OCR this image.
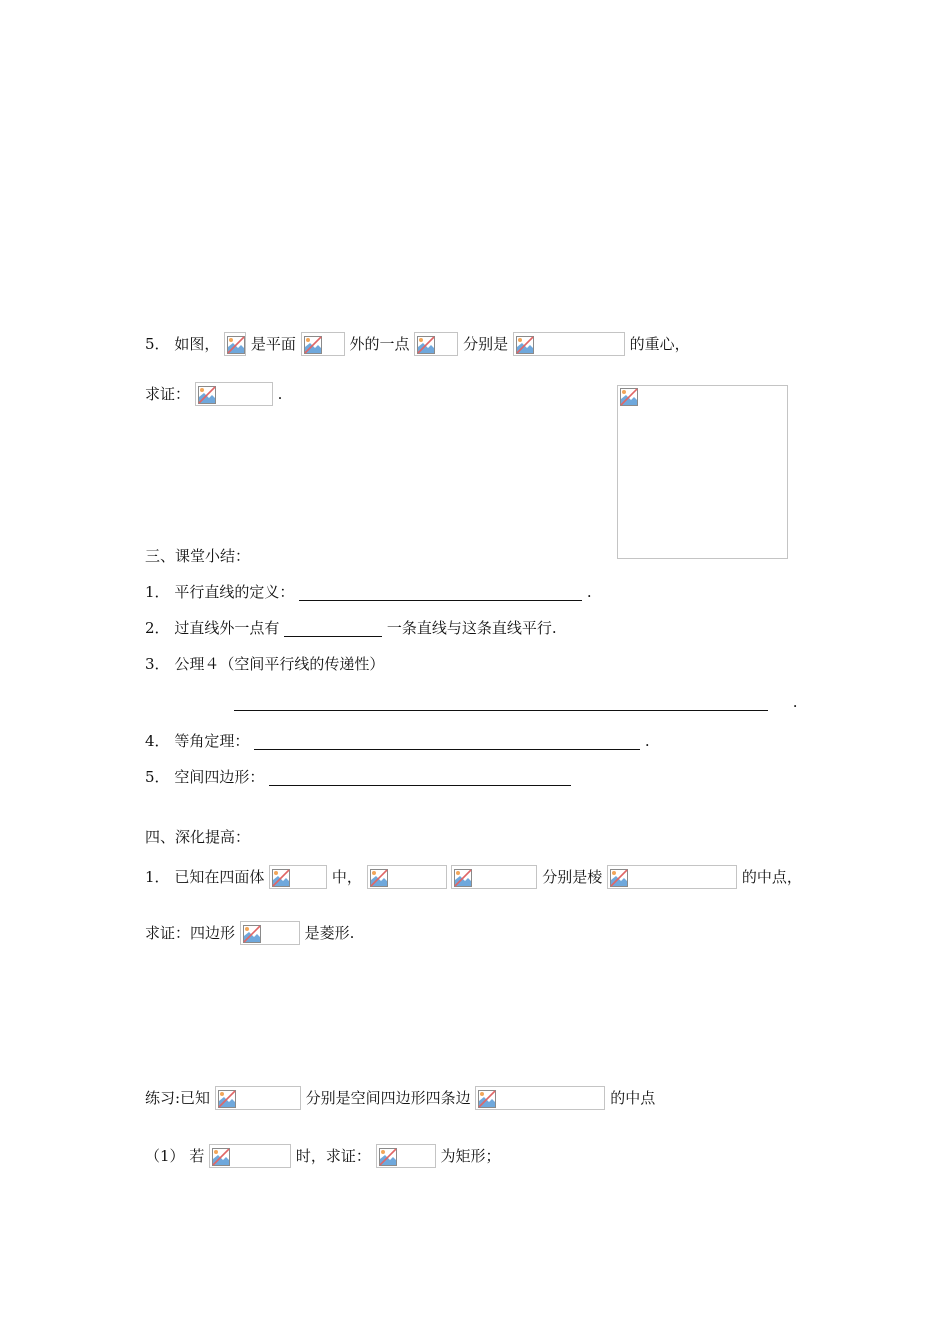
5． 如图， 是平面	外的一点	分别是	的重心，
求证：	.
三、课堂小结：
1． 平行直线的定义：	.
2． 过直线外一点有	一条直线与这条直线平行.
3． 公理４（空间平行线的传递性）
.
4． 等角定理：	.
5． 空间四边形：
四、深化提高：
1． 已知在四面体	中，
	分别是棱	的中点，
求证：四边形	是菱形.
练习:已知	分别是空间四边形四条边	的中点
（1） 若	时，求证：	为矩形；
